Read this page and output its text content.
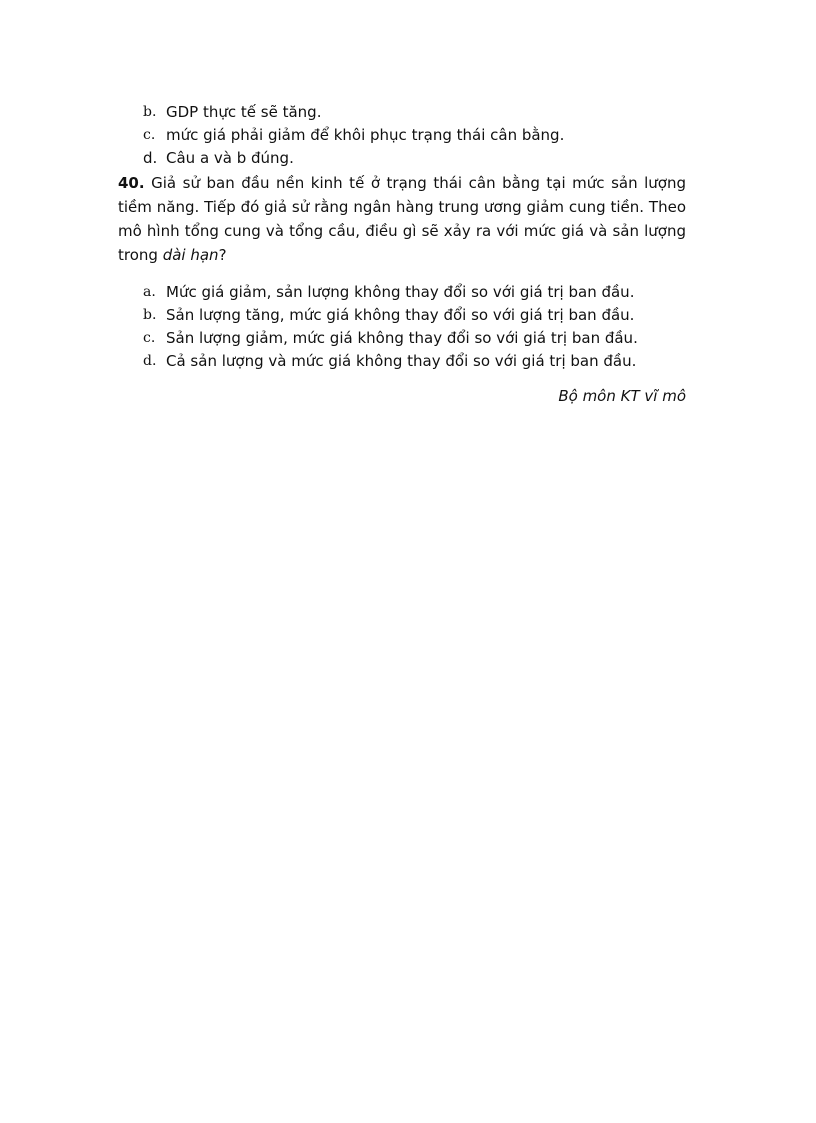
b. GDP thực tế sẽ tăng.

c. mức giá phải giảm để khôi phục trạng thái cân bằng.

d. Câu a và b đúng.

40. Giả sử ban đầu nền kinh tế ở trạng thái cân bằng tại mức sản lượng tiềm năng. Tiếp đó giả sử rằng ngân hàng trung ương giảm cung tiền. Theo mô hình tổng cung và tổng cầu, điều gì sẽ xảy ra với mức giá và sản lượng trong dài hạn?

a. Mức giá giảm, sản lượng không thay đổi so với giá trị ban đầu.

b. Sản lượng tăng, mức giá không thay đổi so với giá trị ban đầu.

c. Sản lượng giảm, mức giá không thay đổi so với giá trị ban đầu.

d. Cả sản lượng và mức giá không thay đổi so với giá trị ban đầu.

Bộ môn KT vĩ mô
